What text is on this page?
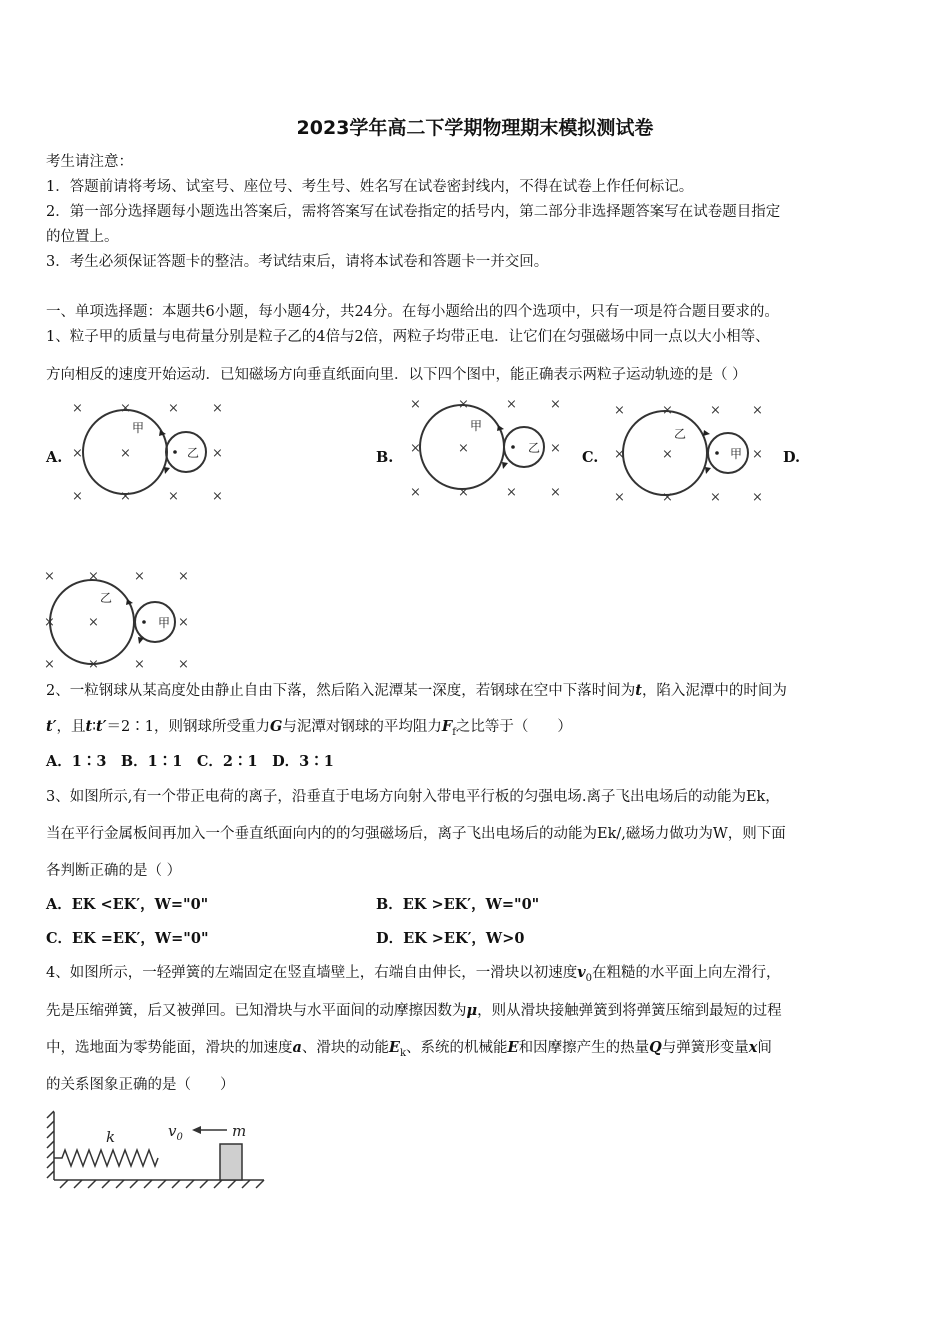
2023学年高二下学期物理期末模拟测试卷
考生请注意：
1．答题前请将考场、试室号、座位号、考生号、姓名写在试卷密封线内，不得在试卷上作任何标记。
2．第一部分选择题每小题选出答案后，需将答案写在试卷指定的括号内，第二部分非选择题答案写在试卷题目指定
的位置上。
3．考生必须保证答题卡的整洁。考试结束后，请将本试卷和答题卡一并交回。
一、单项选择题：本题共6小题，每小题4分，共24分。在每小题给出的四个选项中，只有一项是符合题目要求的。
1、粒子甲的质量与电荷量分别是粒子乙的4倍与2倍，两粒子均带正电．让它们在匀强磁场中同一点以大小相等、
方向相反的速度开始运动．已知磁场方向垂直纸面向里．以下四个图中，能正确表示两粒子运动轨迹的是（ ）
×	×	×	×
×	×	×
×	×	×	×
×	×	×	×
×	×	×
×	×	×	×
×	×	× ×
×	×	×
×	×	× ×
×	×	×	×
×	×	×
×	×	×	×
甲
乙
甲
乙
乙
甲
乙
甲
A.	B.	C.	D.
2、一粒钢球从某高度处由静止自由下落，然后陷入泥潭某一深度，若钢球在空中下落时间为t，陷入泥潭中的时间为
t′，且t∶t′＝2∶1，则钢球所受重力G与泥潭对钢球的平均阻力$F_f$之比等于（　　）
A．1∶3　B．1∶1　C．2∶1　D．3∶1
3、如图所示,有一个带正电荷的离子，沿垂直于电场方向射入带电平行板的匀强电场.离子飞出电场后的动能为Ek，
当在平行金属板间再加入一个垂直纸面向内的的匀强磁场后，离子飞出电场后的动能为Ek/,磁场力做功为W，则下面
各判断正确的是（ ）
A．EK <EK′，W="0"	B．EK >EK′，W="0"
C．EK =EK′，W="0"	D．EK >EK′，W>0
4、如图所示，一轻弹簧的左端固定在竖直墙壁上，右端自由伸长，一滑块以初速度$v_0$在粗糙的水平面上向左滑行，
先是压缩弹簧，后又被弹回。已知滑块与水平面间的动摩擦因数为μ，则从滑块接触弹簧到将弹簧压缩到最短的过程
中，选地面为零势能面，滑块的加速度a、滑块的动能$E_k$、系统的机械能E和因摩擦产生的热量Q与弹簧形变量x间
的关系图象正确的是（　　）
k	$v_0$	m
